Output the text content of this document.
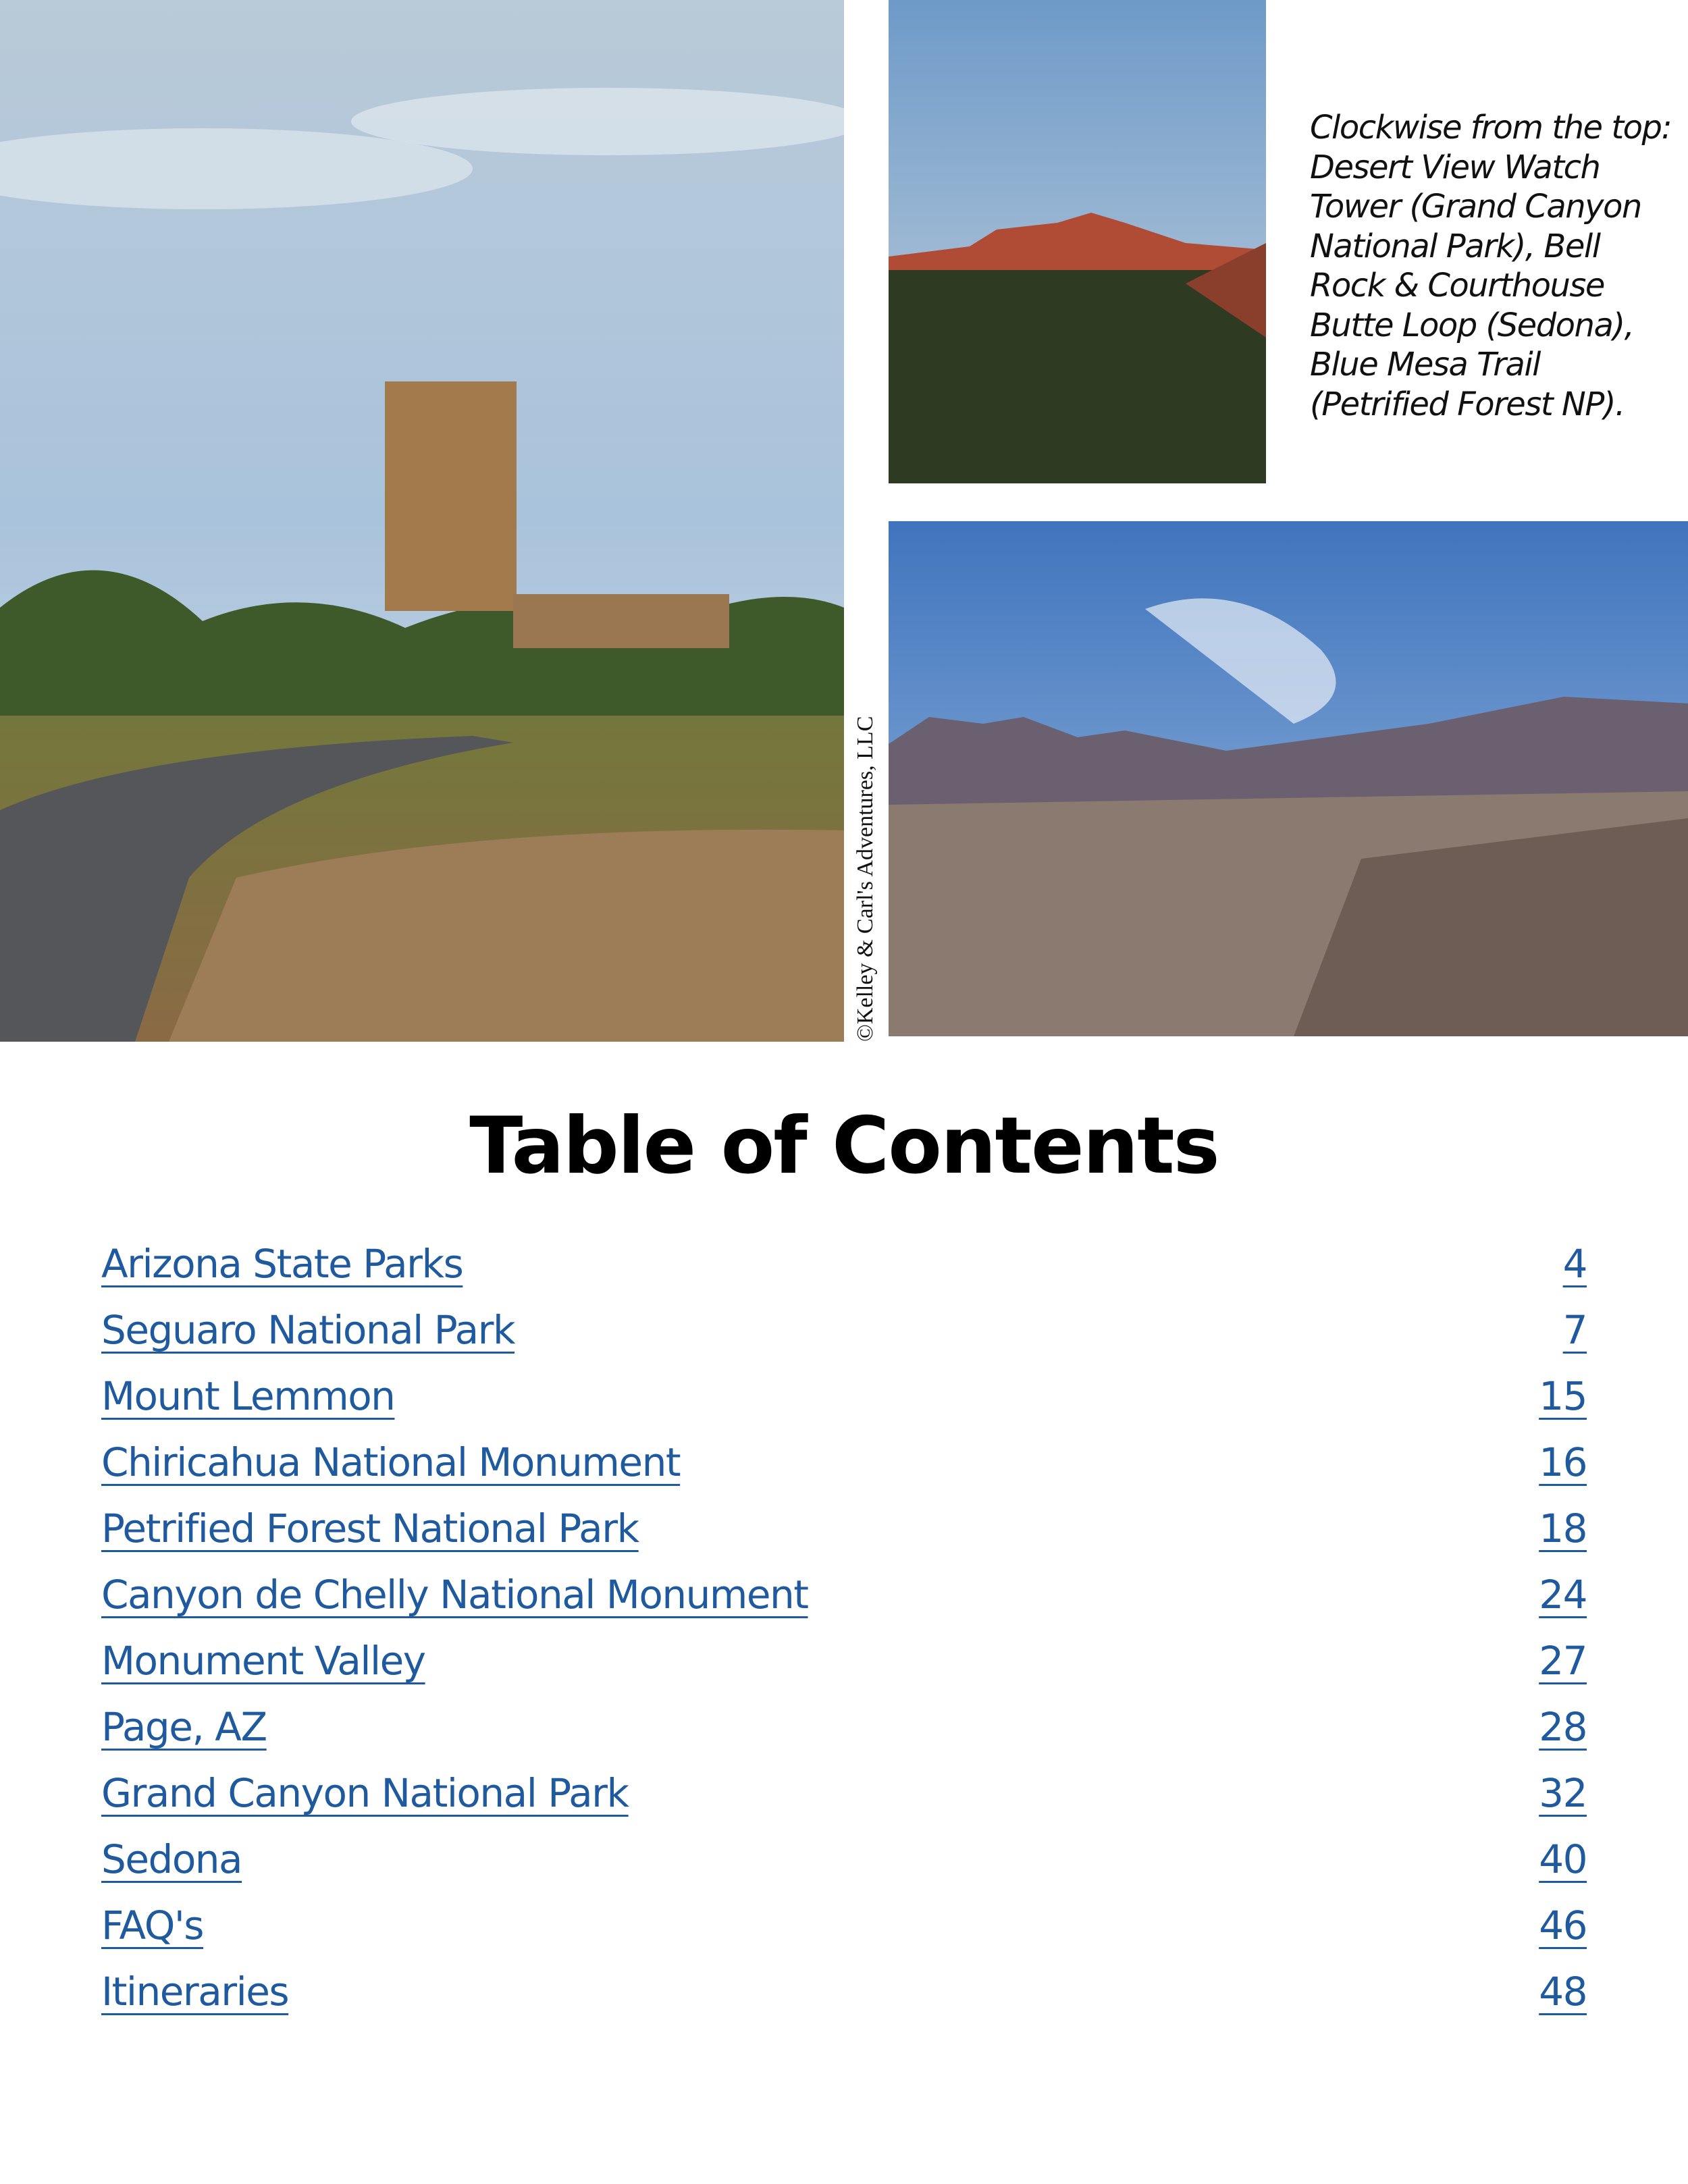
©Kelley & Carl's Adventures, LLC
Clockwise from the top:
Desert View Watch
Tower (Grand Canyon
National Park), Bell
Rock & Courthouse
Butte Loop (Sedona),
Blue Mesa Trail
(Petrified Forest NP).
Table of Contents
Arizona State Parks	4
Seguaro National Park	7
Mount Lemmon	15
Chiricahua National Monument	16
Petrified Forest National Park	18
Canyon de Chelly National Monument	24
Monument Valley	27
Page, AZ	28
Grand Canyon National Park	32
Sedona	40
FAQ's	46
Itineraries	48
